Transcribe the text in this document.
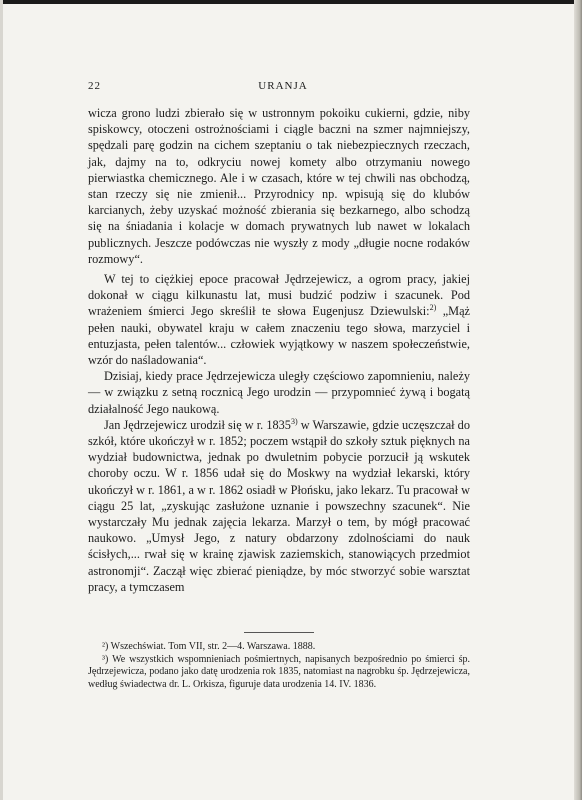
22	URANJA

wicza grono ludzi zbierało się w ustronnym pokoiku cukierni, gdzie, niby spiskowcy, otoczeni ostrożnościami i ciągle baczni na szmer najmniejszy, spędzali parę godzin na cichem szeptaniu o tak niebezpiecznych rzeczach, jak, dajmy na to, odkryciu nowej komety albo otrzymaniu nowego pierwiastka chemicznego. Ale i w czasach, które w tej chwili nas obchodzą, stan rzeczy się nie zmienił... Przyrodnicy np. wpisują się do klubów karcianych, żeby uzyskać możność zbierania się bezkarnego, albo schodzą się na śniadania i kolacje w domach prywatnych lub nawet w lokalach publicznych. Jeszcze podówczas nie wyszły z mody „długie nocne rodaków rozmowy“.

W tej to ciężkiej epoce pracował Jędrzejewicz, a ogrom pracy, jakiej dokonał w ciągu kilkunastu lat, musi budzić podziw i szacunek. Pod wrażeniem śmierci Jego skreślił te słowa Eugenjusz Dziewulski:$^{2)}$ „Mąż pełen nauki, obywatel kraju w całem znaczeniu tego słowa, marzyciel i entuzjasta, pełen talentów... człowiek wyjątkowy w naszem społeczeństwie, wzór do naśladowania“.

Dzisiaj, kiedy prace Jędrzejewicza uległy częściowo zapomnieniu, należy — w związku z setną rocznicą Jego urodzin — przypomnieć żywą i bogatą działalność Jego naukową.

Jan Jędrzejewicz urodził się w r. 1835$^{3)}$ w Warszawie, gdzie uczęszczał do szkół, które ukończył w r. 1852; poczem wstąpił do szkoły sztuk pięknych na wydział budownictwa, jednak po dwuletnim pobycie porzucił ją wskutek choroby oczu. W r. 1856 udał się do Moskwy na wydział lekarski, który ukończył w r. 1861, a w r. 1862 osiadł w Płońsku, jako lekarz. Tu pracował w ciągu 25 lat, „zyskując zasłużone uznanie i powszechny szacunek“. Nie wystarczały Mu jednak zajęcia lekarza. Marzył o tem, by mógł pracować naukowo. „Umysł Jego, z natury obdarzony zdolnościami do nauk ścisłych,... rwał się w krainę zjawisk zaziemskich, stanowiących przedmiot astronomji“. Zaczął więc zbierać pieniądze, by móc stworzyć sobie warsztat pracy, a tymczasem

²) Wszechświat. Tom VII, str. 2—4. Warszawa. 1888.

³) We wszystkich wspomnieniach pośmiertnych, napisanych bezpośrednio po śmierci śp. Jędrzejewicza, podano jako datę urodzenia rok 1835, natomiast na nagrobku śp. Jędrzejewicza, według świadectwa dr. L. Orkisza, figuruje data urodzenia 14. IV. 1836.
